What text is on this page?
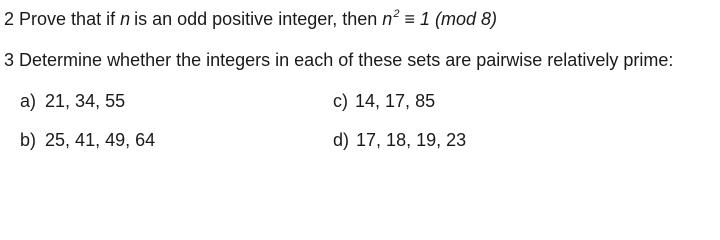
2 Prove that if n is an odd positive integer, then $n^2 \equiv 1$ (mod 8)
3 Determine whether the integers in each of these sets are pairwise relatively prime:
a) 21, 34, 55	c) 14, 17, 85
b) 25, 41, 49, 64	d) 17, 18, 19, 23
